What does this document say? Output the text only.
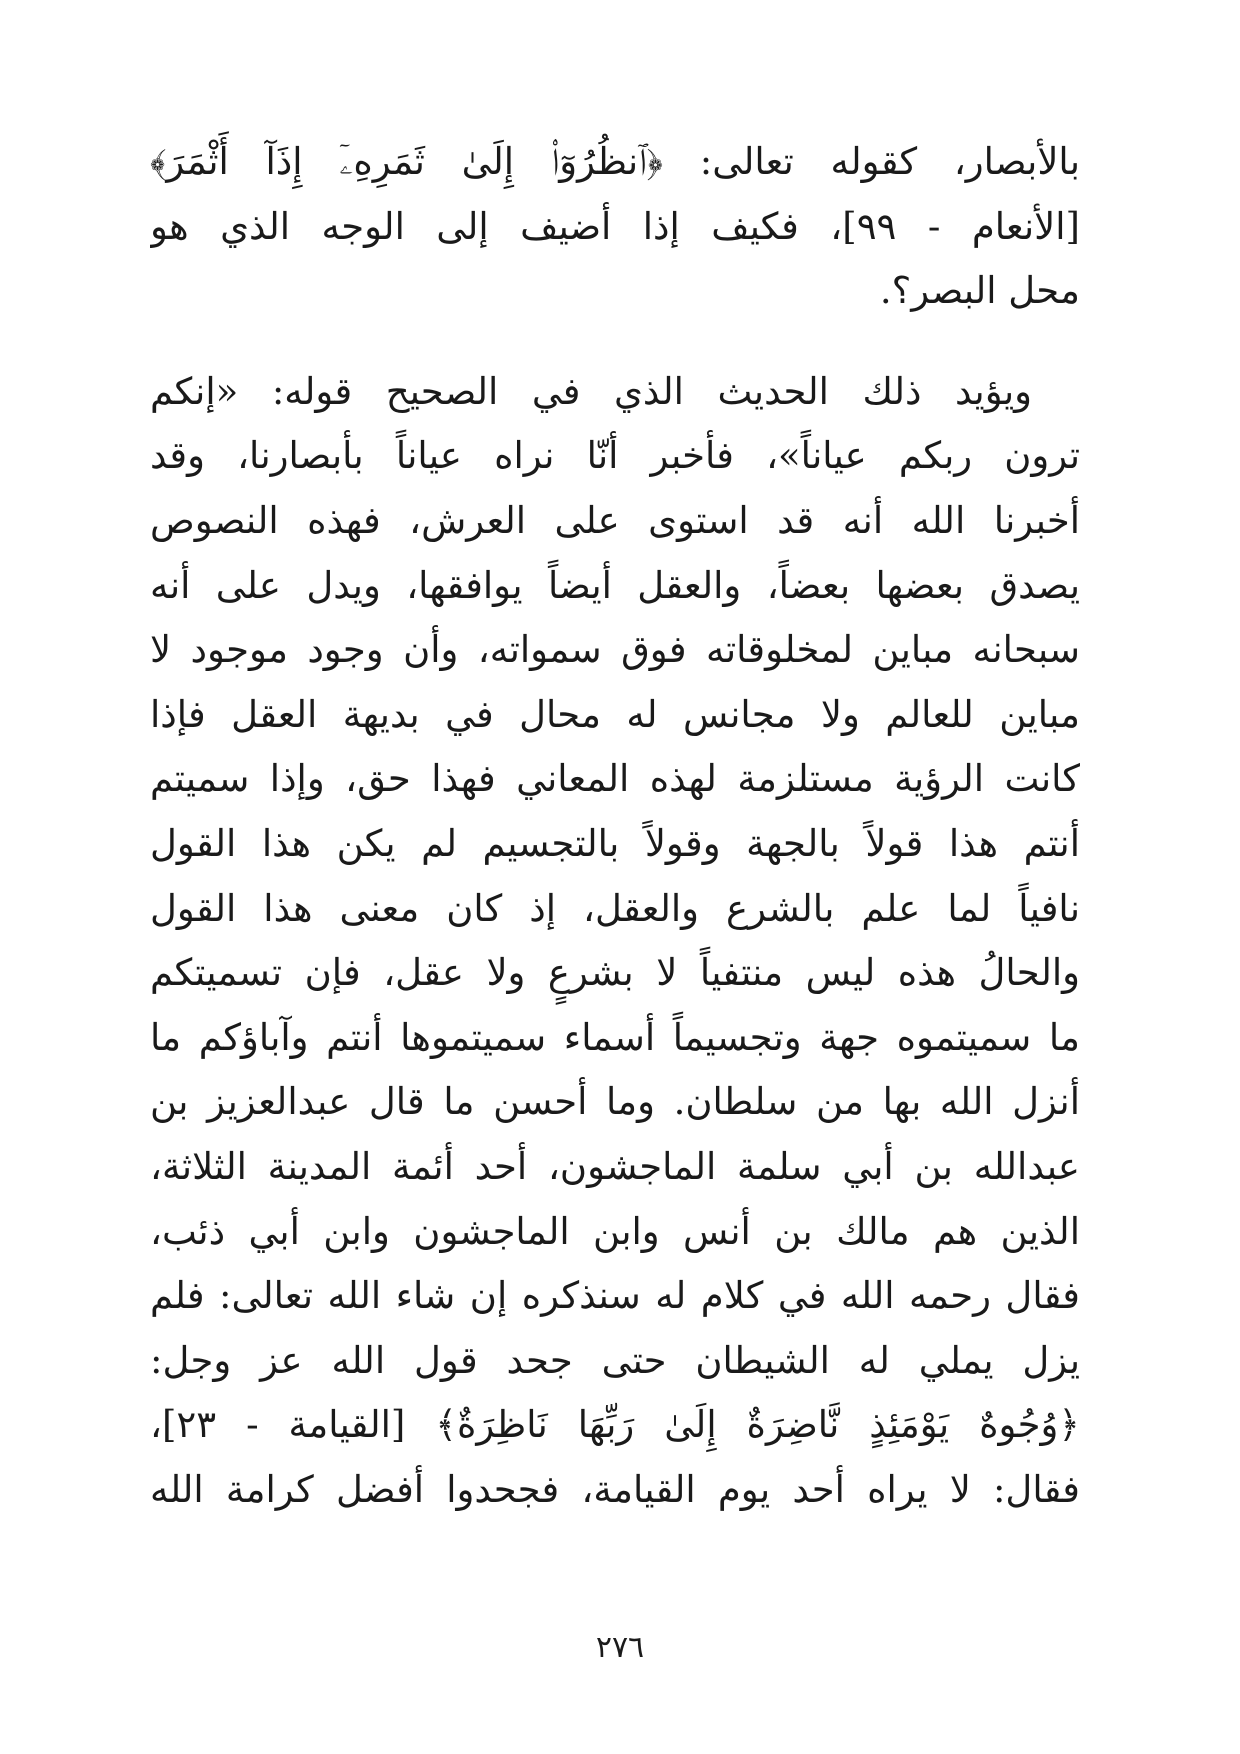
بالأبصار، كقوله تعالى: ﴿ٱنظُرُوٓا۟ إِلَىٰ ثَمَرِهِۦٓ إِذَآ أَثْمَرَ﴾
[الأنعام - ٩٩]، فكيف إذا أضيف إلى الوجه الذي هو
محل البصر؟.
ويؤيد ذلك الحديث الذي في الصحيح قوله: «إنكم
ترون ربكم عياناً»، فأخبر أنّا نراه عياناً بأبصارنا، وقد
أخبرنا الله أنه قد استوى على العرش، فهذه النصوص
يصدق بعضها بعضاً، والعقل أيضاً يوافقها، ويدل على أنه
سبحانه مباين لمخلوقاته فوق سمواته، وأن وجود موجود لا
مباين للعالم ولا مجانس له محال في بديهة العقل فإذا
كانت الرؤية مستلزمة لهذه المعاني فهذا حق، وإذا سميتم
أنتم هذا قولاً بالجهة وقولاً بالتجسيم لم يكن هذا القول
نافياً لما علم بالشرع والعقل، إذ كان معنى هذا القول
والحالُ هذه ليس منتفياً لا بشرعٍ ولا عقل، فإن تسميتكم
ما سميتموه جهة وتجسيماً أسماء سميتموها أنتم وآباؤكم ما
أنزل الله بها من سلطان. وما أحسن ما قال عبدالعزيز بن
عبدالله بن أبي سلمة الماجشون، أحد أئمة المدينة الثلاثة،
الذين هم مالك بن أنس وابن الماجشون وابن أبي ذئب،
فقال رحمه الله في كلام له سنذكره إن شاء الله تعالى: فلم
يزل يملي له الشيطان حتى جحد قول الله عز وجل:
﴿وُجُوهٌ يَوْمَئِذٍ نَّاضِرَةٌ إِلَىٰ رَبِّهَا نَاظِرَةٌ﴾ [القيامة - ٢٣]،
فقال: لا يراه أحد يوم القيامة، فجحدوا أفضل كرامة الله
٢٧٦
